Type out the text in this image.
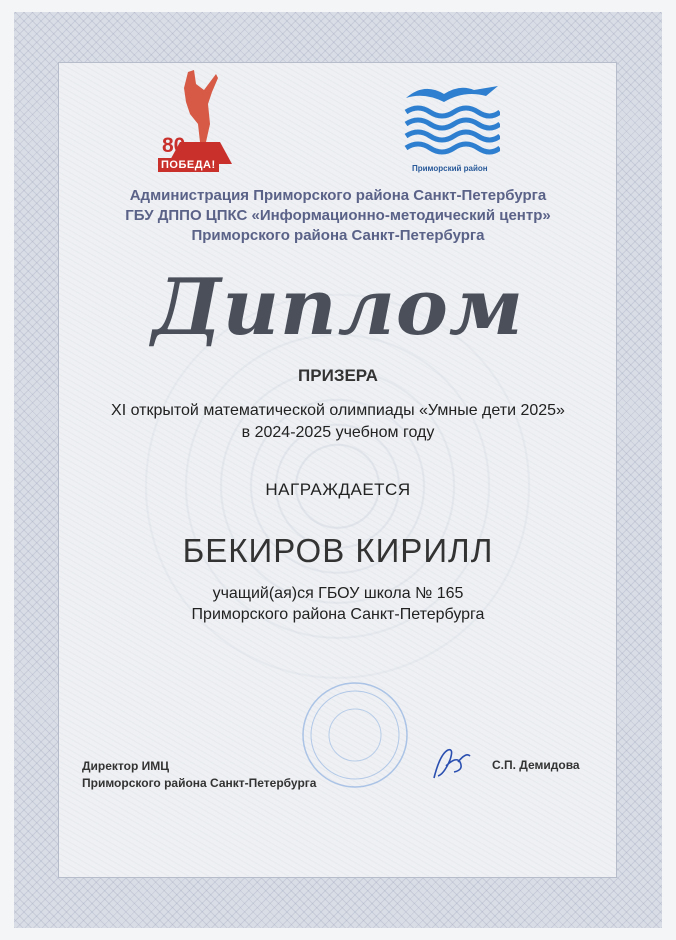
80
ПОБЕДА!	Приморский район
Администрация Приморского района Санкт-Петербурга
ГБУ ДППО ЦПКС «Информационно-методический центр»
Приморского района Санкт-Петербурга
Диплом
ПРИЗЕРА
XI открытой математической олимпиады «Умные дети 2025»
в 2024-2025 учебном году
НАГРАЖДАЕТСЯ
БЕКИРОВ КИРИЛЛ
учащий(ая)ся ГБОУ школа № 165
Приморского района Санкт-Петербурга
Директор ИМЦ
Приморского района Санкт-Петербурга
С.П. Демидова
